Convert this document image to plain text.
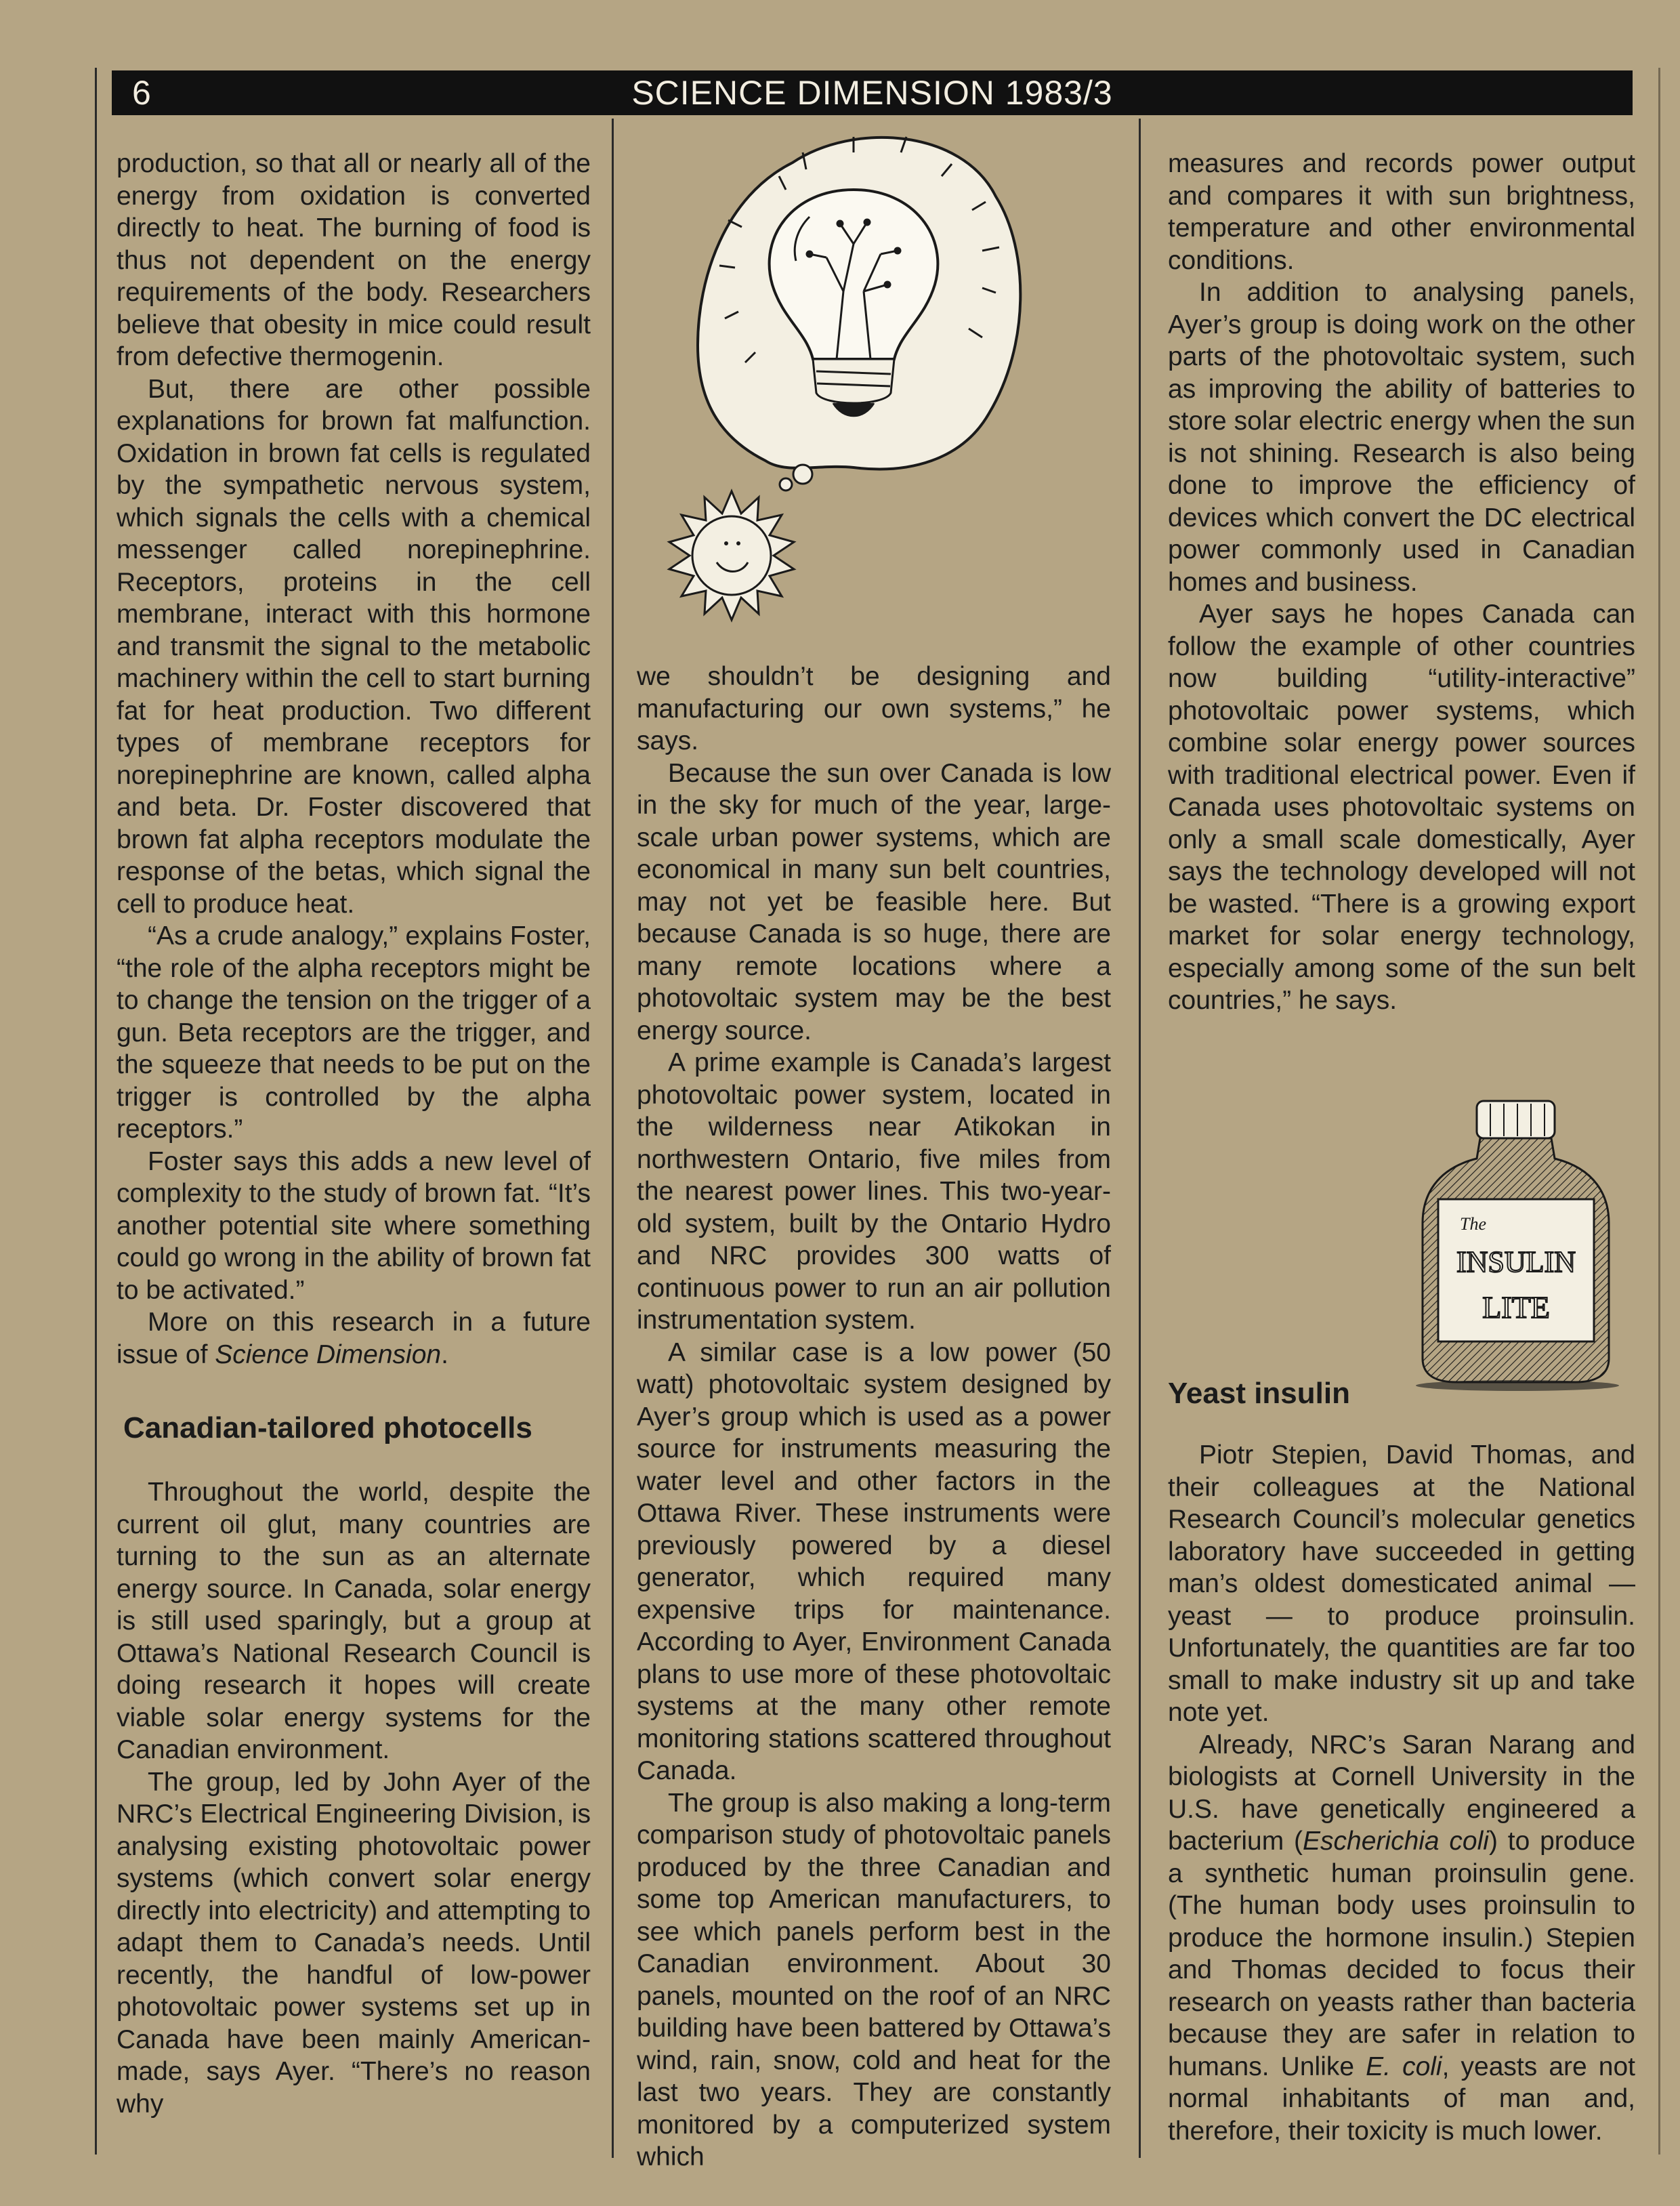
6	SCIENCE DIMENSION 1983/3

production, so that all or nearly all of the energy from oxidation is converted directly to heat. The burning of food is thus not dependent on the energy requirements of the body. Researchers believe that obesity in mice could result from defective thermogenin.

But, there are other possible explanations for brown fat malfunction. Oxidation in brown fat cells is regulated by the sympathetic nervous system, which signals the cells with a chemical messenger called norepinephrine. Receptors, proteins in the cell membrane, interact with this hormone and transmit the signal to the metabolic machinery within the cell to start burning fat for heat production. Two different types of membrane receptors for norepinephrine are known, called alpha and beta. Dr. Foster discovered that brown fat alpha receptors modulate the response of the betas, which signal the cell to produce heat.

“As a crude analogy,” explains Foster, “the role of the alpha receptors might be to change the tension on the trigger of a gun. Beta receptors are the trigger, and the squeeze that needs to be put on the trigger is controlled by the alpha receptors.”

Foster says this adds a new level of complexity to the study of brown fat. “It’s another potential site where something could go wrong in the ability of brown fat to be activated.”

More on this research in a future issue of Science Dimension.

Canadian-tailored photocells

Throughout the world, despite the current oil glut, many countries are turning to the sun as an alternate energy source. In Canada, solar energy is still used sparingly, but a group at Ottawa’s National Research Council is doing research it hopes will create viable solar energy systems for the Canadian environment.

The group, led by John Ayer of the NRC’s Electrical Engineering Division, is analysing existing photovoltaic power systems (which convert solar energy directly into electricity) and attempting to adapt them to Canada’s needs. Until recently, the handful of low-power photovoltaic power systems set up in Canada have been mainly American-made, says Ayer. “There’s no reason why

we shouldn’t be designing and manufacturing our own systems,” he says.

Because the sun over Canada is low in the sky for much of the year, large-scale urban power systems, which are economical in many sun belt countries, may not yet be feasible here. But because Canada is so huge, there are many remote locations where a photovoltaic system may be the best energy source.

A prime example is Canada’s largest photovoltaic power system, located in the wilderness near Atikokan in northwestern Ontario, five miles from the nearest power lines. This two-year-old system, built by the Ontario Hydro and NRC provides 300 watts of continuous power to run an air pollution instrumentation system.

A similar case is a low power (50 watt) photovoltaic system designed by Ayer’s group which is used as a power source for instruments measuring the water level and other factors in the Ottawa River. These instruments were previously powered by a diesel generator, which required many expensive trips for maintenance. According to Ayer, Environment Canada plans to use more of these photovoltaic systems at the many other remote monitoring stations scattered throughout Canada.

The group is also making a long-term comparison study of photovoltaic panels produced by the three Canadian and some top American manufacturers, to see which panels perform best in the Canadian environment. About 30 panels, mounted on the roof of an NRC building have been battered by Ottawa’s wind, rain, snow, cold and heat for the last two years. They are constantly monitored by a computerized system which

measures and records power output and compares it with sun brightness, temperature and other environmental conditions.

In addition to analysing panels, Ayer’s group is doing work on the other parts of the photovoltaic system, such as improving the ability of batteries to store solar electric energy when the sun is not shining. Research is also being done to improve the efficiency of devices which convert the DC electrical power commonly used in Canadian homes and business.

Ayer says he hopes Canada can follow the example of other countries now building “utility-interactive” photovoltaic power systems, which combine solar energy power sources with traditional electrical power. Even if Canada uses photovoltaic systems on only a small scale domestically, Ayer says the technology developed will not be wasted. “There is a growing export market for solar energy technology, especially among some of the sun belt countries,” he says.

The
INSULIN
LITE
Yeast insulin

Piotr Stepien, David Thomas, and their colleagues at the National Research Council’s molecular genetics laboratory have succeeded in getting man’s oldest domesticated animal — yeast — to produce proinsulin. Unfortunately, the quantities are far too small to make industry sit up and take note yet.

Already, NRC’s Saran Narang and biologists at Cornell University in the U.S. have genetically engineered a bacterium (Escherichia coli) to produce a synthetic human proinsulin gene. (The human body uses proinsulin to produce the hormone insulin.) Stepien and Thomas decided to focus their research on yeasts rather than bacteria because they are safer in relation to humans. Unlike E. coli, yeasts are not normal inhabitants of man and, therefore, their toxicity is much lower.
